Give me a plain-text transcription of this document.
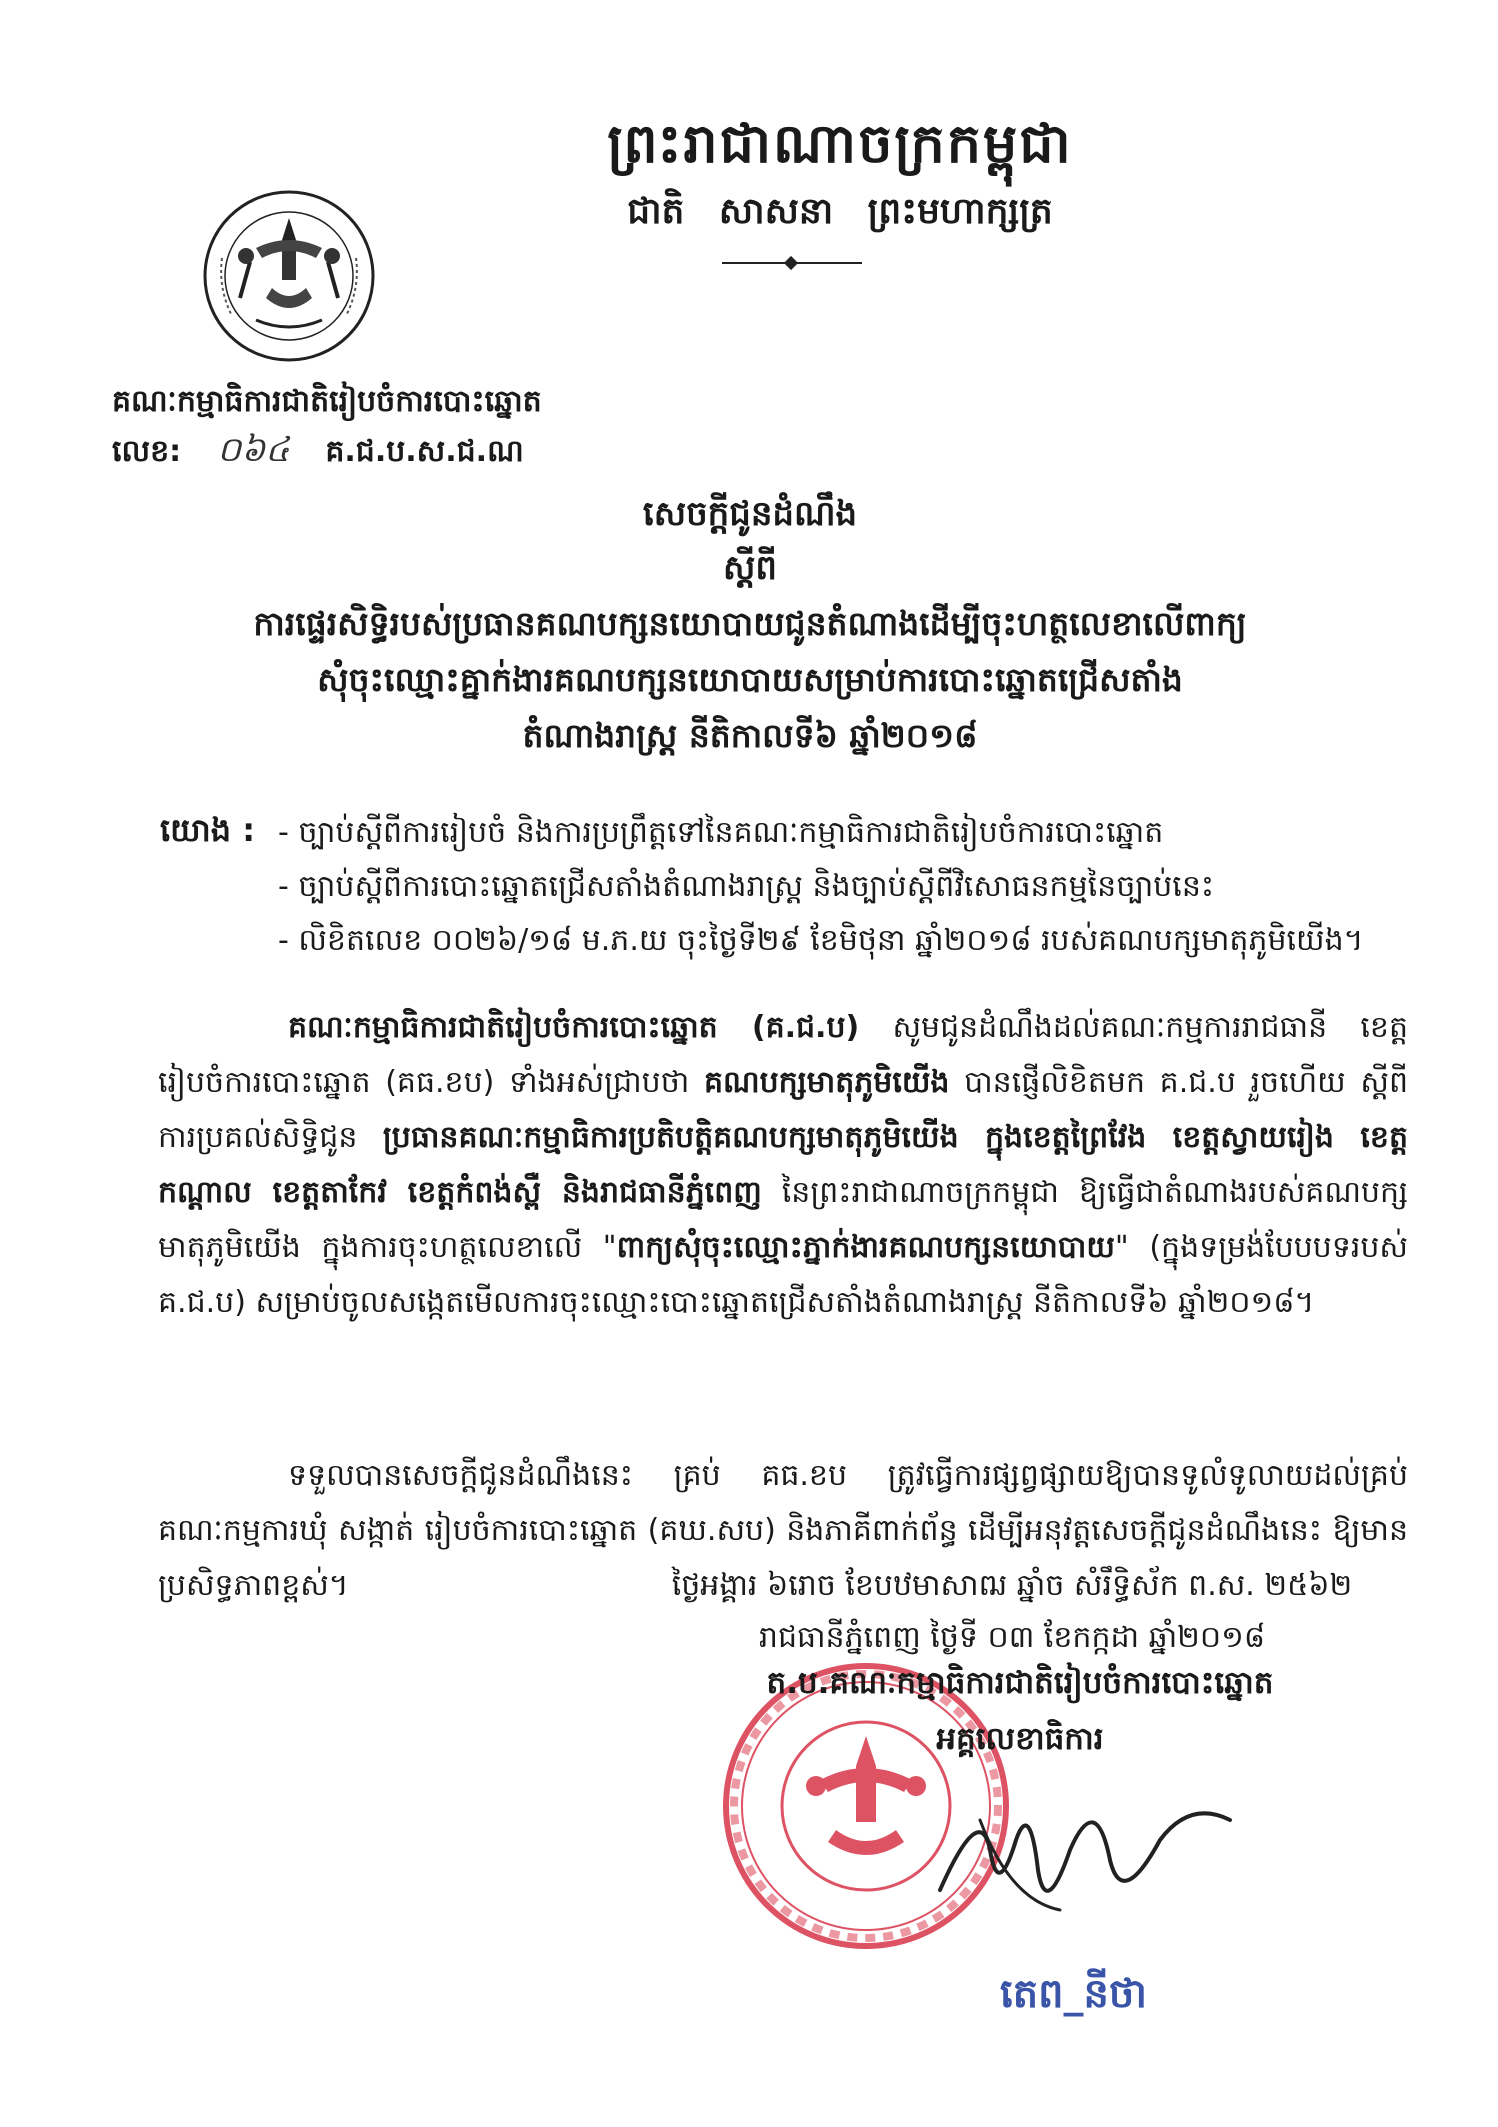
ព្រះរាជាណាចក្រកម្ពុជា
ជាតិ សាសនា ព្រះមហាក្សត្រ
គណៈកម្មាធិការជាតិរៀបចំការបោះឆ្នោត
លេខ: ០៦៤ គ.ជ.ប.ស.ជ.ណ
សេចក្តីជូនដំណឹង
ស្តីពី
ការផ្ទេរសិទ្ធិរបស់ប្រធានគណបក្សនយោបាយជូនតំណាងដើម្បីចុះហត្ថលេខាលើពាក្យ
សុំចុះឈ្មោះគ្នាក់ងារគណបក្សនយោបាយសម្រាប់ការបោះឆ្នោតជ្រើសតាំង
តំណាងរាស្ត្រ នីតិកាលទី៦ ឆ្នាំ២០១៨
យោង : - ច្បាប់ស្តីពីការរៀបចំ និងការប្រព្រឹត្តទៅនៃគណៈកម្មាធិការជាតិរៀបចំការបោះឆ្នោត
- ច្បាប់ស្តីពីការបោះឆ្នោតជ្រើសតាំងតំណាងរាស្ត្រ និងច្បាប់ស្តីពីវិសោធនកម្មនៃច្បាប់នេះ
- លិខិតលេខ ០០២៦/១៨ ម.ភ.យ ចុះថ្ងៃទី២៩ ខែមិថុនា ឆ្នាំ២០១៨ របស់គណបក្សមាតុភូមិយើង។

គណៈកម្មាធិការជាតិរៀបចំការបោះឆ្នោត (គ.ជ.ប) សូមជូនដំណឹងដល់គណៈកម្មការរាជធានី ខេត្ត រៀបចំការបោះឆ្នោត (គធ.ខប) ទាំងអស់ជ្រាបថា គណបក្សមាតុភូមិយើង បានផ្ញើលិខិតមក គ.ជ.ប រួចហើយ ស្តីពីការប្រគល់សិទ្ធិជូន ប្រធានគណៈកម្មាធិការប្រតិបត្តិគណបក្សមាតុភូមិយើង ក្នុងខេត្តព្រៃវែង ខេត្តស្វាយរៀង ខេត្តកណ្តាល ខេត្តតាកែវ ខេត្តកំពង់ស្ពឺ និងរាជធានីភ្នំពេញ នៃព្រះរាជាណាចក្រកម្ពុជា ឱ្យធ្វើជាតំណាងរបស់គណបក្សមាតុភូមិយើង ក្នុងការចុះហត្ថលេខាលើ "ពាក្យសុំចុះឈ្មោះភ្នាក់ងារគណបក្សនយោបាយ" (ក្នុងទម្រង់បែបបទរបស់ គ.ជ.ប) សម្រាប់ចូលសង្កេតមើលការចុះឈ្មោះបោះឆ្នោតជ្រើសតាំងតំណាងរាស្ត្រ នីតិកាលទី៦ ឆ្នាំ២០១៨។

ទទួលបានសេចក្តីជូនដំណឹងនេះ គ្រប់ គធ.ខប ត្រូវធ្វើការផ្សព្វផ្សាយឱ្យបានទូលំទូលាយដល់គ្រប់ គណៈកម្មការឃុំ សង្កាត់ រៀបចំការបោះឆ្នោត (គឃ.សប) និងភាគីពាក់ព័ន្ធ ដើម្បីអនុវត្តសេចក្តីជូនដំណឹងនេះ ឱ្យមានប្រសិទ្ធភាពខ្ពស់។	ថ្ងៃអង្គារ ៦រោច ខែបឋមាសាឍ ឆ្នាំច សំរឹទ្ធិស័ក ព.ស. ២៥៦២
រាជធានីភ្នំពេញ ថ្ងៃទី ០៣ ខែកក្កដា ឆ្នាំ២០១៨
ត.ប.គណៈកម្មាធិការជាតិរៀបចំការបោះឆ្នោត
អគ្គលេខាធិការ
តេព_នីថា
